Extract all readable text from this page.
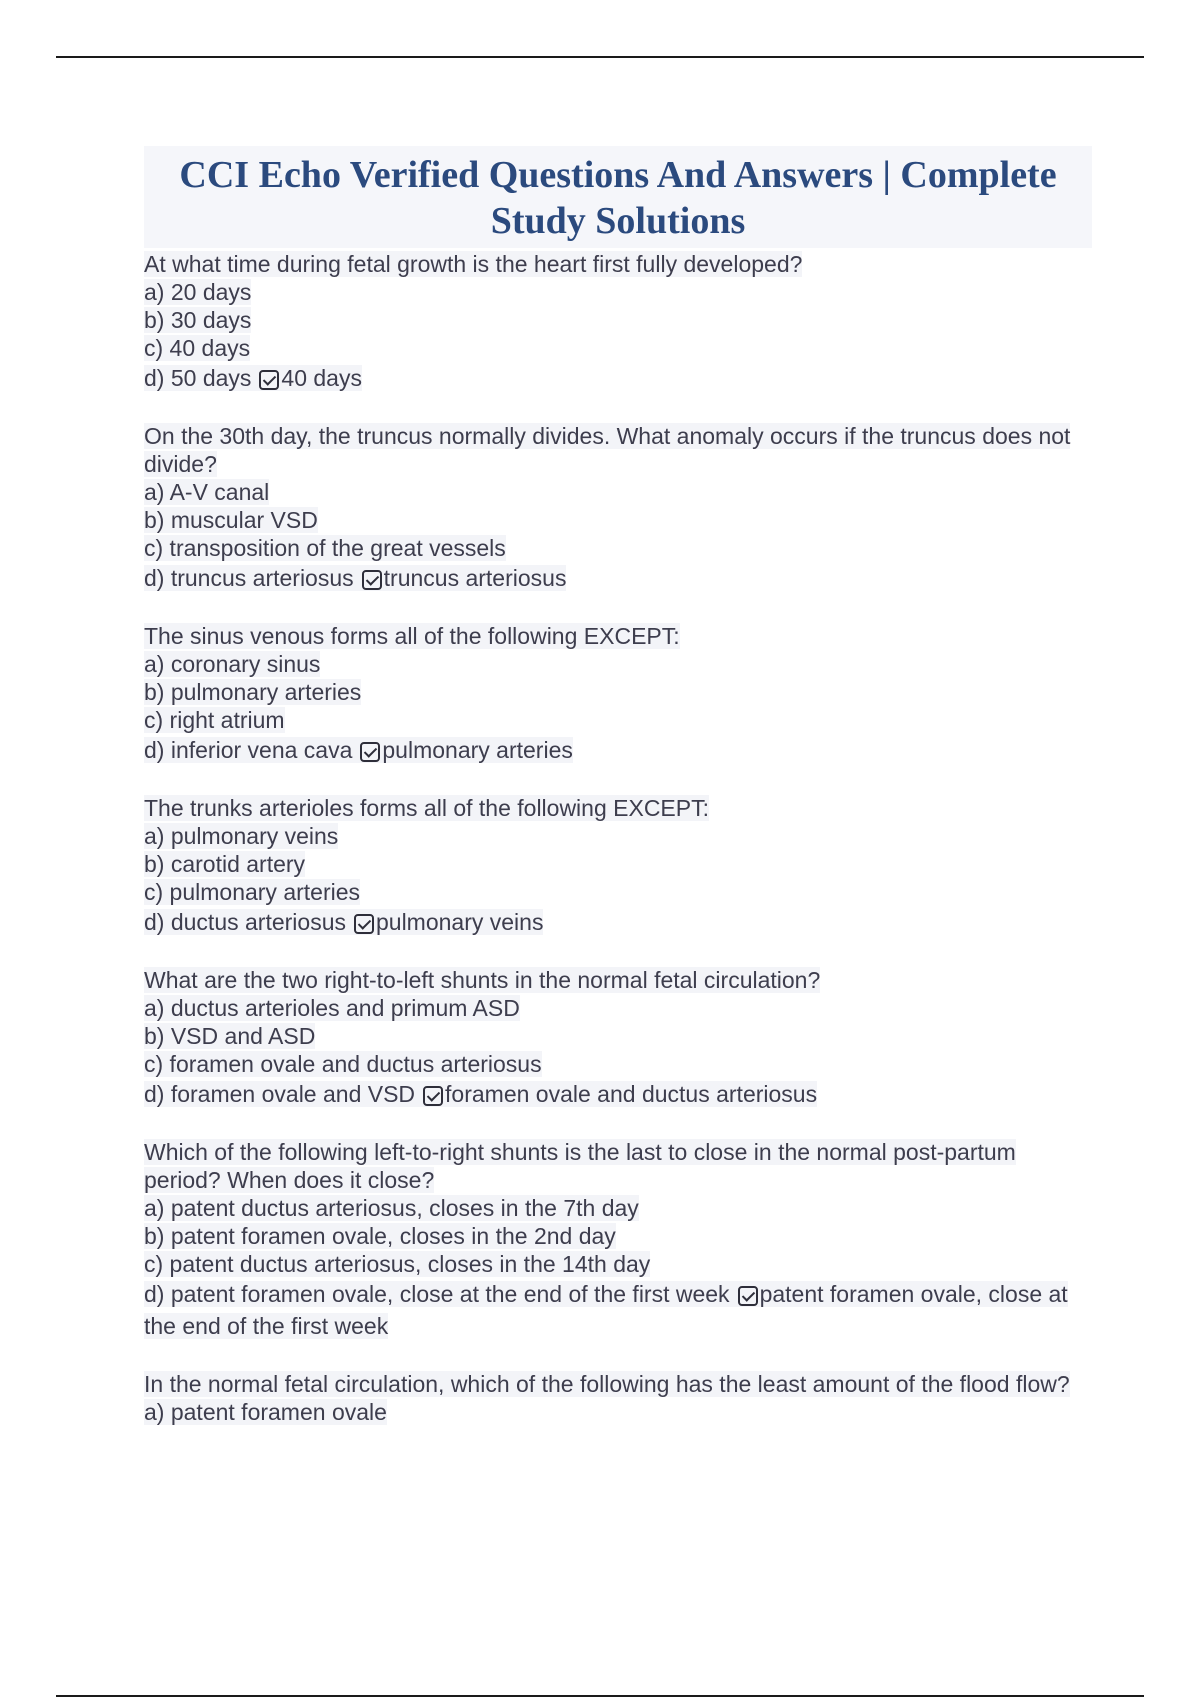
CCI Echo Verified Questions And Answers | Complete Study Solutions
At what time during fetal growth is the heart first fully developed?
a) 20 days
b) 30 days
c) 40 days
d) 50 days 40 days
On the 30th day, the truncus normally divides. What anomaly occurs if the truncus does not divide?
a) A-V canal
b) muscular VSD
c) transposition of the great vessels
d) truncus arteriosus truncus arteriosus
The sinus venous forms all of the following EXCEPT:
a) coronary sinus
b) pulmonary arteries
c) right atrium
d) inferior vena cava pulmonary arteries
The trunks arterioles forms all of the following EXCEPT:
a) pulmonary veins
b) carotid artery
c) pulmonary arteries
d) ductus arteriosus pulmonary veins
What are the two right-to-left shunts in the normal fetal circulation?
a) ductus arterioles and primum ASD
b) VSD and ASD
c) foramen ovale and ductus arteriosus
d) foramen ovale and VSD foramen ovale and ductus arteriosus
Which of the following left-to-right shunts is the last to close in the normal post-partum period? When does it close?
a) patent ductus arteriosus, closes in the 7th day
b) patent foramen ovale, closes in the 2nd day
c) patent ductus arteriosus, closes in the 14th day
d) patent foramen ovale, close at the end of the first week patent foramen ovale, close at the end of the first week
In the normal fetal circulation, which of the following has the least amount of the flood flow?
a) patent foramen ovale
